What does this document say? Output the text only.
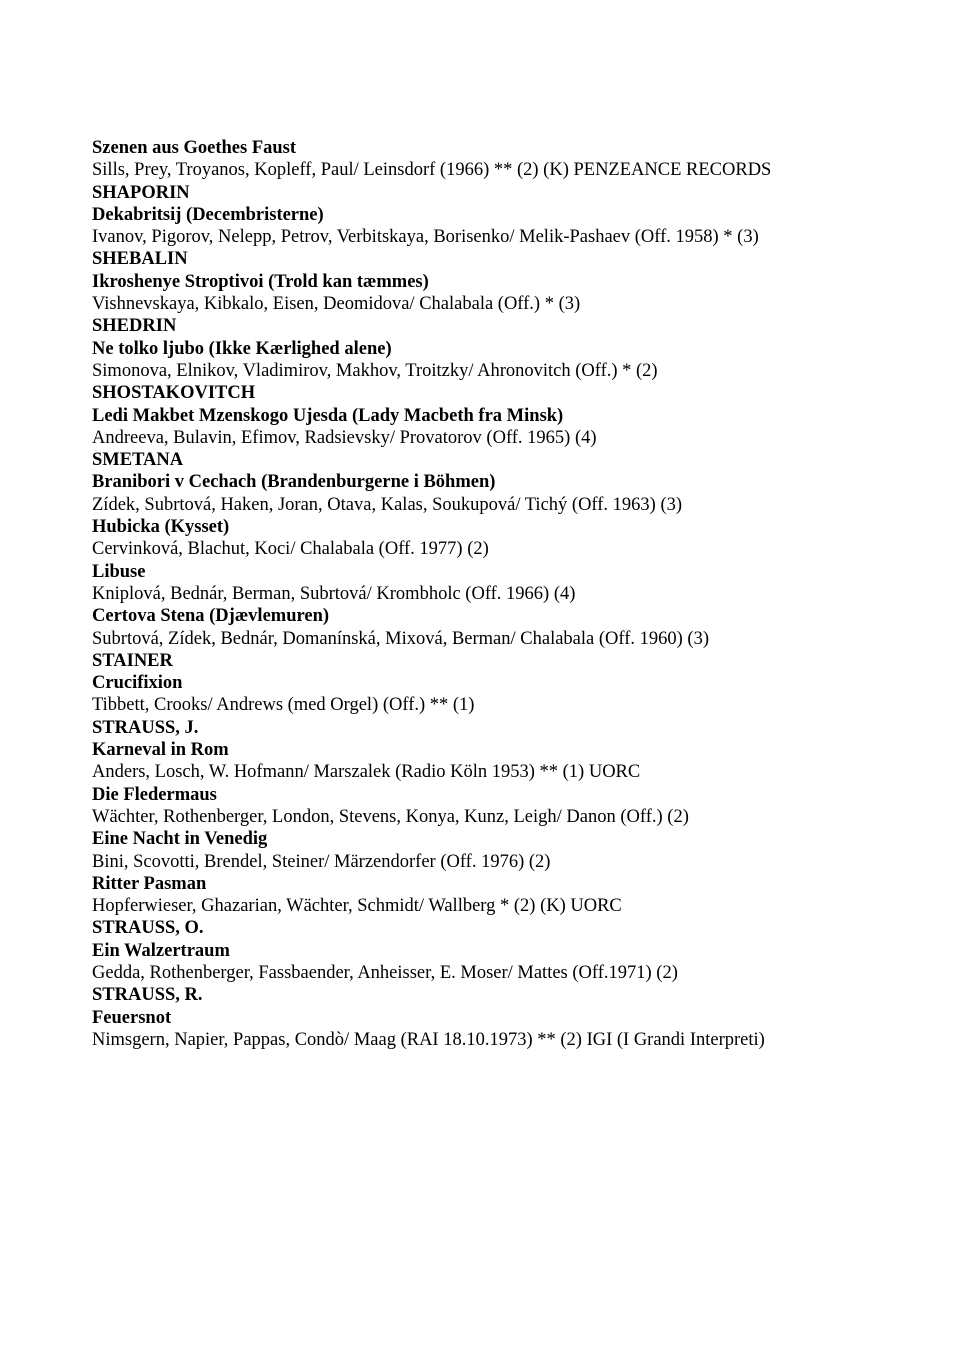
Szenen aus Goethes Faust
Sills, Prey, Troyanos, Kopleff, Paul/ Leinsdorf (1966) ** (2) (K) PENZEANCE RECORDS
SHAPORIN
Dekabritsij (Decembristerne)
Ivanov, Pigorov, Nelepp, Petrov, Verbitskaya, Borisenko/ Melik-Pashaev (Off. 1958) * (3)
SHEBALIN
Ikroshenye Stroptivoi (Trold kan tæmmes)
Vishnevskaya, Kibkalo, Eisen, Deomidova/ Chalabala (Off.) * (3)
SHEDRIN
Ne tolko ljubo (Ikke Kærlighed alene)
Simonova, Elnikov, Vladimirov, Makhov, Troitzky/ Ahronovitch (Off.) * (2)
SHOSTAKOVITCH
Ledi Makbet Mzenskogo Ujesda (Lady Macbeth fra Minsk)
Andreeva, Bulavin, Efimov, Radsievsky/ Provatorov (Off. 1965) (4)
SMETANA
Branibori v Cechach (Brandenburgerne i Böhmen)
Zídek, Subrtová, Haken, Joran, Otava, Kalas, Soukupová/ Tichý (Off. 1963) (3)
Hubicka (Kysset)
Cervinková, Blachut, Koci/ Chalabala (Off. 1977) (2)
Libuse
Kniplová, Bednár, Berman, Subrtová/ Krombholc (Off. 1966) (4)
Certova Stena (Djævlemuren)
Subrtová, Zídek, Bednár, Domanínská, Mixová, Berman/ Chalabala (Off. 1960) (3)
STAINER
Crucifixion
Tibbett, Crooks/ Andrews (med Orgel) (Off.) ** (1)
STRAUSS, J.
Karneval in Rom
Anders, Losch, W. Hofmann/ Marszalek (Radio Köln 1953) ** (1) UORC
Die Fledermaus
Wächter, Rothenberger, London, Stevens, Konya, Kunz, Leigh/ Danon (Off.) (2)
Eine Nacht in Venedig
Bini, Scovotti, Brendel, Steiner/ Märzendorfer (Off. 1976) (2)
Ritter Pasman
Hopferwieser, Ghazarian, Wächter, Schmidt/ Wallberg * (2) (K) UORC
STRAUSS, O.
Ein Walzertraum
Gedda, Rothenberger, Fassbaender, Anheisser, E. Moser/ Mattes (Off.1971) (2)
STRAUSS, R.
Feuersnot
Nimsgern, Napier, Pappas, Condò/ Maag (RAI 18.10.1973) ** (2) IGI (I Grandi Interpreti)
